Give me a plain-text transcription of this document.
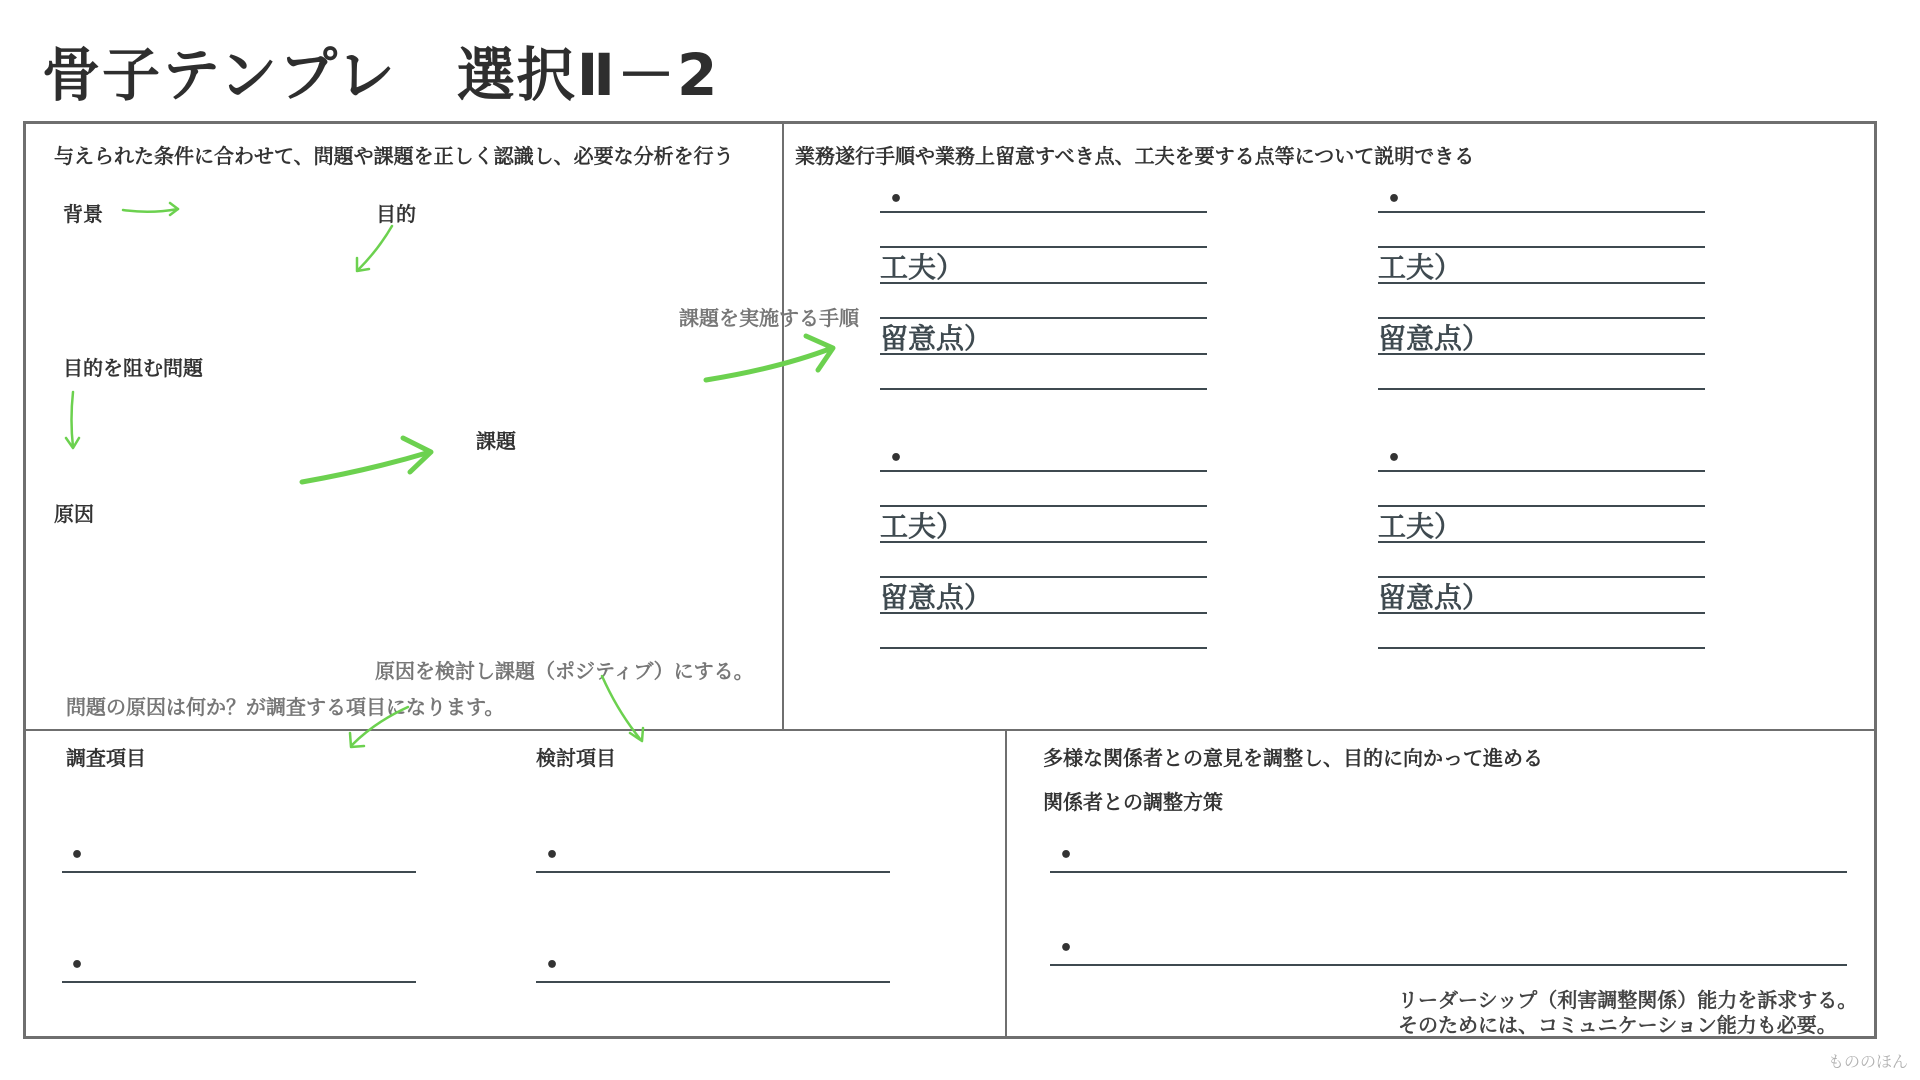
骨子テンプレ　選択Ⅱ－2
与えられた条件に合わせて、問題や課題を正しく認識し、必要な分析を行う
背景	目的
目的を阻む問題
原因
課題
課題を実施する手順
原因を検討し課題（ポジティブ）にする。
問題の原因は何か？が調査する項目になります。
業務遂行手順や業務上留意すべき点、工夫を要する点等について説明できる
•
工夫）
留意点）
•
工夫）
留意点）
•
工夫）
留意点）
•
工夫）
留意点）
調査項目
•
•
検討項目
•
•
多様な関係者との意見を調整し、目的に向かって進める
関係者との調整方策
•
•
リーダーシップ（利害調整関係）能力を訴求する。
そのためには、コミュニケーション能力も必要。
もののほん
